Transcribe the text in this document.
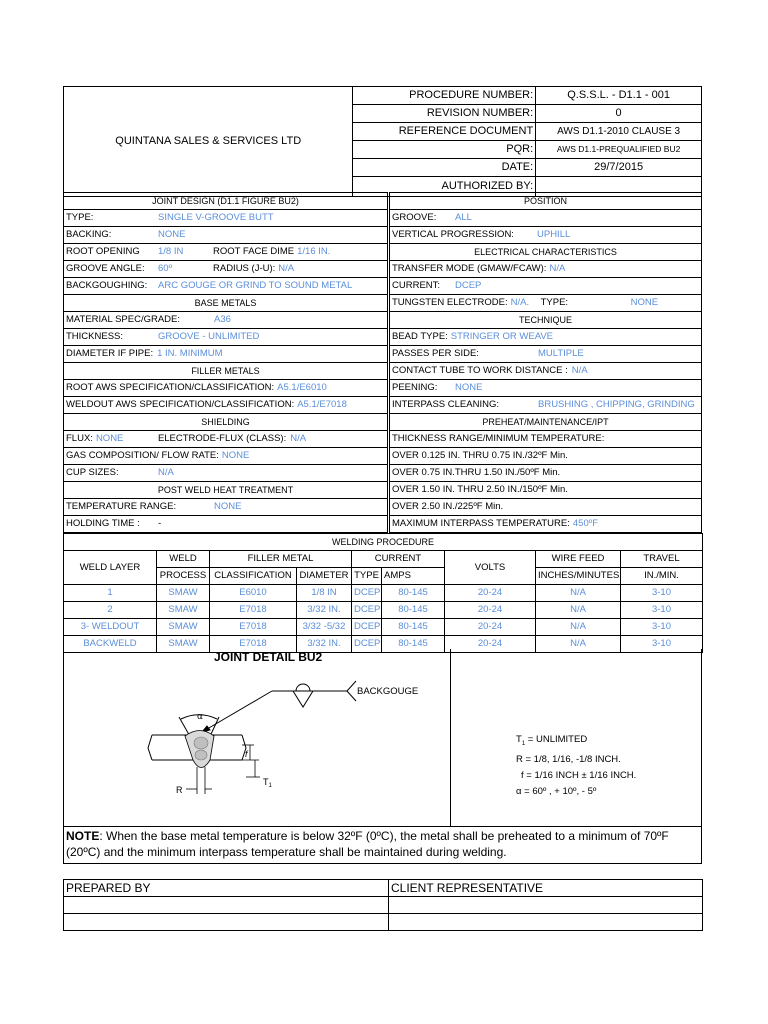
QUINTANA SALES & SERVICES LTD	PROCEDURE NUMBER:	Q.S.S.L. - D1.1 - 001
	REVISION NUMBER:	0
	REFERENCE DOCUMENT	AWS D1.1-2010 CLAUSE 3
	PQR:	AWS D1.1-PREQUALIFIED BU2
	DATE:	29/7/2015
	AUTHORIZED BY:	
JOINT DESIGN (D1.1 FIGURE BU2)
TYPE:	SINGLE V-GROOVE BUTT
BACKING:	NONE
ROOT OPENING 1/8 IN	ROOT FACE DIME 1/16 IN.
GROOVE ANGLE: 60º	RADIUS (J-U): N/A
BACKGOUGHING: ARC GOUGE OR GRIND TO SOUND METAL
BASE METALS
MATERIAL SPEC/GRADE:	A36
THICKNESS:	GROOVE - UNLIMITED
DIAMETER IF PIPE: 1 IN. MINIMUM
FILLER METALS
ROOT AWS SPECIFICATION/CLASSIFICATION: A5.1/E6010
WELDOUT AWS SPECIFICATION/CLASSIFICATION: A5.1/E7018
SHIELDING
FLUX: NONE	ELECTRODE-FLUX (CLASS): N/A
GAS COMPOSITION/ FLOW RATE: NONE
CUP SIZES:	N/A
POST WELD HEAT TREATMENT
TEMPERATURE RANGE:	NONE
HOLDING TIME : -
POSITION
GROOVE: ALL
VERTICAL PROGRESSION: UPHILL
ELECTRICAL CHARACTERISTICS
TRANSFER MODE (GMAW/FCAW): N/A
CURRENT: DCEP
TUNGSTEN ELECTRODE: N/A. TYPE:	NONE
TECHNIQUE
BEAD TYPE: STRINGER OR WEAVE
PASSES PER SIDE:	MULTIPLE
CONTACT TUBE TO WORK DISTANCE : N/A
PEENING: NONE
INTERPASS CLEANING:	BRUSHING , CHIPPING, GRINDING
PREHEAT/MAINTENANCE/IPT
THICKNESS RANGE/MINIMUM TEMPERATURE:
OVER 0.125 IN. THRU 0.75 IN./32ºF Min.
OVER 0.75 IN.THRU 1.50 IN./50ºF Min.
OVER 1.50 IN. THRU 2.50 IN./150ºF Min.
OVER 2.50 IN./225ºF Min.
MAXIMUM INTERPASS TEMPERATURE: 450ºF
WELDING PROCEDURE								
WELD LAYER	WELD	FILLER METAL		CURRENT		VOLTS	WIRE FEED	TRAVEL
	PROCESS	CLASSIFICATION	DIAMETER	TYPE	AMPS		INCHES/MINUTES	IN./MIN.
1	SMAW	E6010	1/8 IN	DCEP	80-145	20-24	N/A	3-10
2	SMAW	E7018	3/32 IN.	DCEP	80-145	20-24	N/A	3-10
3- WELDOUT	SMAW	E7018	3/32 -5/32	DCEP	80-145	20-24	N/A	3-10
BACKWELD	SMAW	E7018	3/32 IN.	DCEP	80-145	20-24	N/A	3-10
JOINT DETAIL BU2
BACKGOUGE
α
R
f
$T_1$
$T_1$ = UNLIMITED
R = 1/8, 1/16, -1/8 INCH.
f = 1/16 INCH ± 1/16 INCH.
α = 60º , + 10º, - 5º
NOTE: When the base metal temperature is below 32ºF (0ºC), the metal shall be preheated to a minimum of 70ºF (20ºC) and the minimum interpass temperature shall be maintained during welding.
PREPARED BY	CLIENT REPRESENTATIVE
